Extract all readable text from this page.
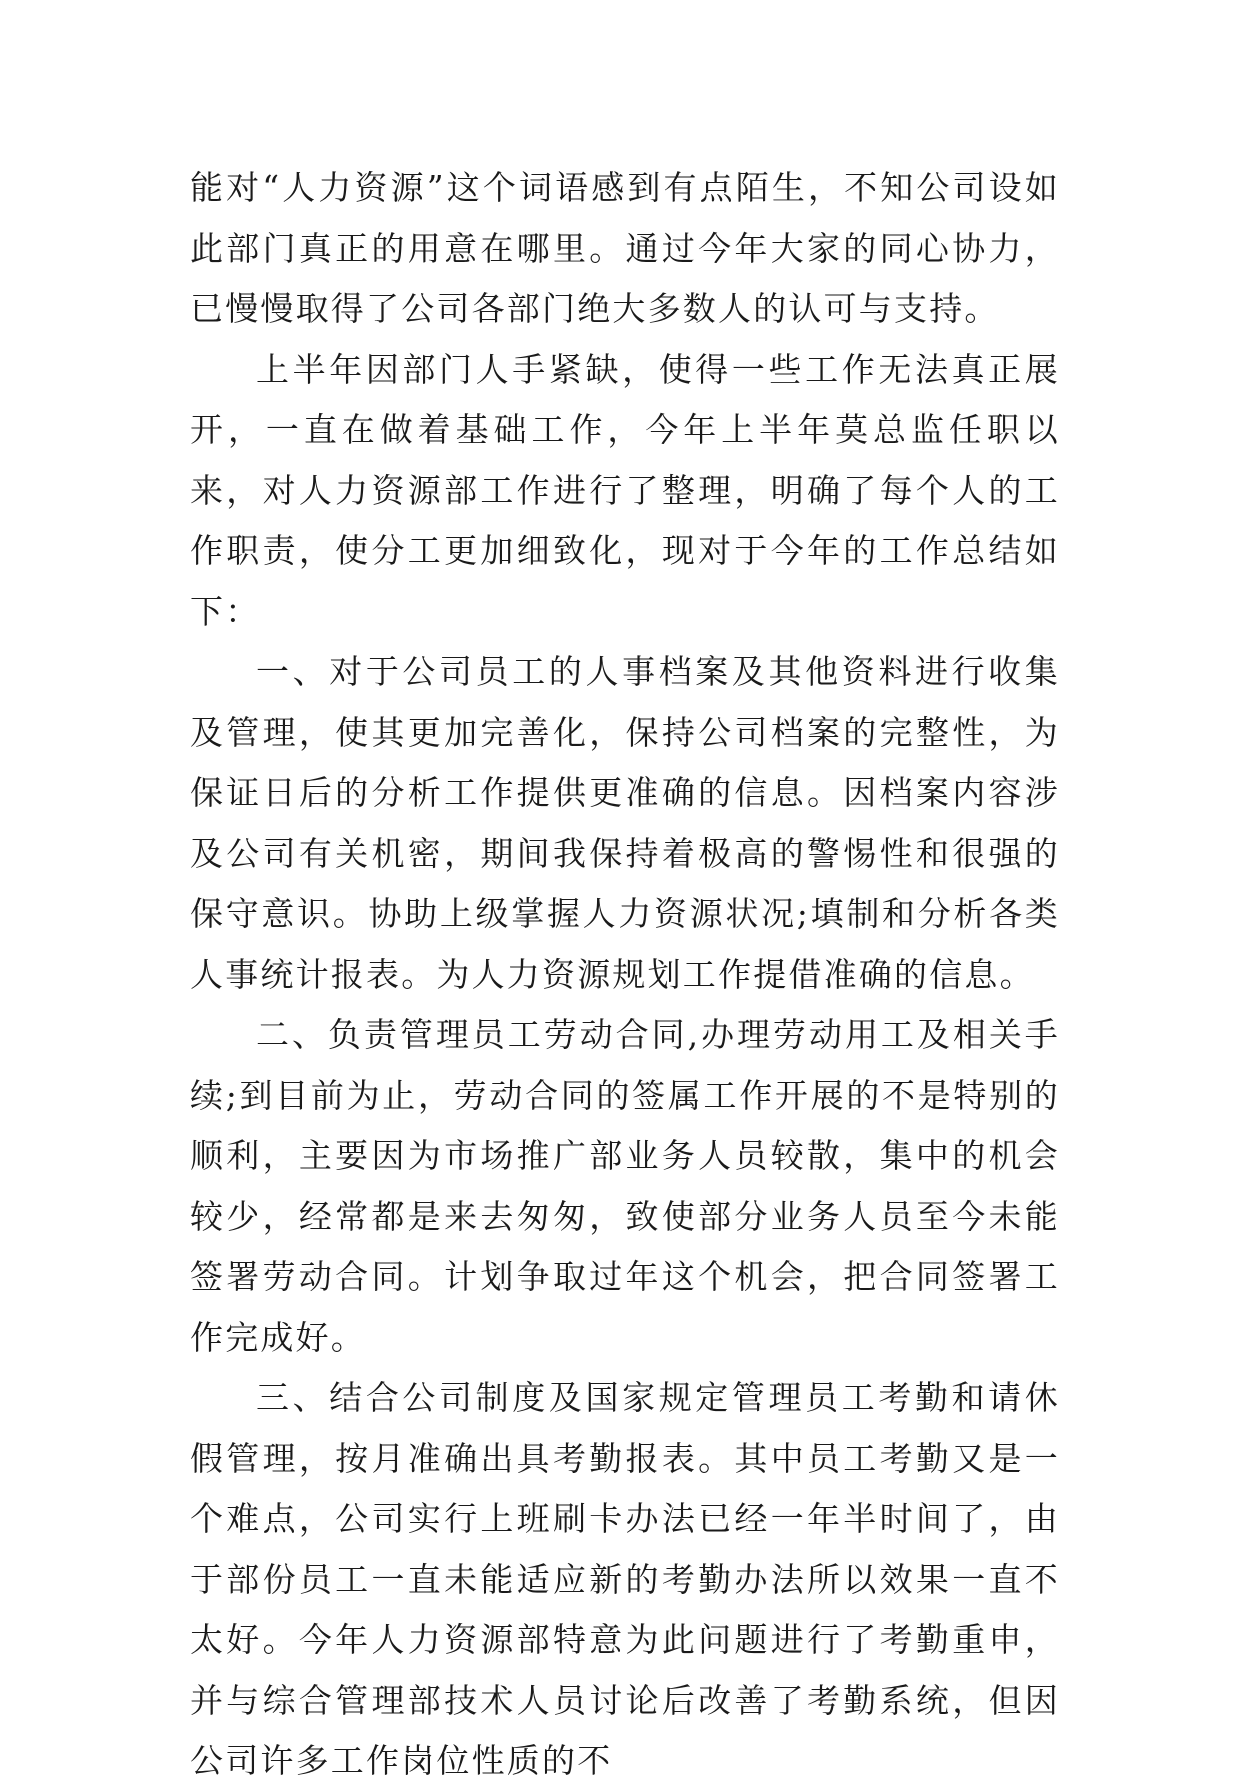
能对“人力资源”这个词语感到有点陌生，不知公司设如此部门真正的用意在哪里。通过今年大家的同心协力，已慢慢取得了公司各部门绝大多数人的认可与支持。

上半年因部门人手紧缺，使得一些工作无法真正展开，一直在做着基础工作，今年上半年莫总监任职以来，对人力资源部工作进行了整理，明确了每个人的工作职责，使分工更加细致化，现对于今年的工作总结如下：

一、对于公司员工的人事档案及其他资料进行收集及管理，使其更加完善化，保持公司档案的完整性，为保证日后的分析工作提供更准确的信息。因档案内容涉及公司有关机密，期间我保持着极高的警惕性和很强的保守意识。协助上级掌握人力资源状况;填制和分析各类人事统计报表。为人力资源规划工作提借准确的信息。

二、负责管理员工劳动合同,办理劳动用工及相关手续;到目前为止，劳动合同的签属工作开展的不是特别的顺利，主要因为市场推广部业务人员较散，集中的机会较少，经常都是来去匆匆，致使部分业务人员至今未能签署劳动合同。计划争取过年这个机会，把合同签署工作完成好。

三、结合公司制度及国家规定管理员工考勤和请休假管理，按月准确出具考勤报表。其中员工考勤又是一个难点，公司实行上班刷卡办法已经一年半时间了，由于部份员工一直未能适应新的考勤办法所以效果一直不太好。今年人力资源部特意为此问题进行了考勤重申，并与综合管理部技术人员讨论后改善了考勤系统，但因公司许多工作岗位性质的不
